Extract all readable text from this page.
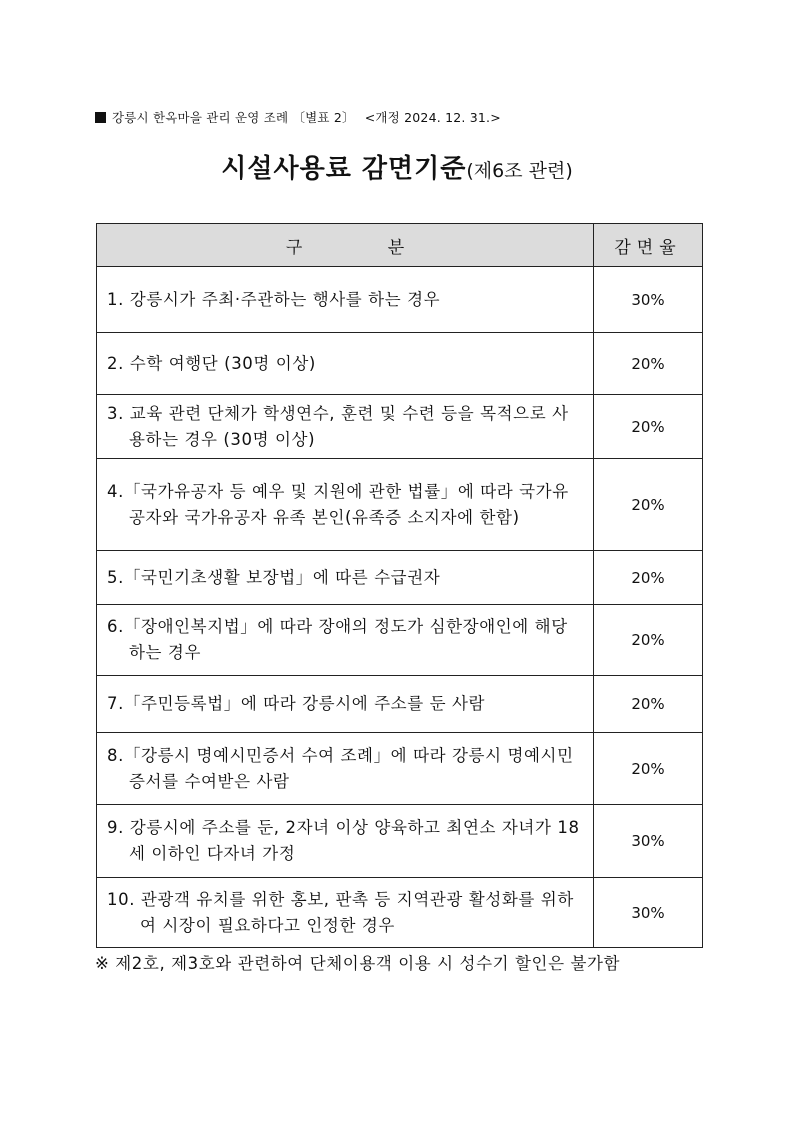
강릉시 한옥마을 관리 운영 조례 〔별표 2〕 <개정 2024. 12. 31.>
시설사용료 감면기준(제6조 관련)
구 분	감면율

1. 강릉시가 주최·주관하는 행사를 하는 경우	30%

2. 수학 여행단 (30명 이상)	20%

3. 교육 관련 단체가 학생연수, 훈련 및 수련 등을 목적으로 사용하는 경우 (30명 이상)	20%

4.「국가유공자 등 예우 및 지원에 관한 법률」에 따라 국가유공자와 국가유공자 유족 본인(유족증 소지자에 한함)	20%

5.「국민기초생활 보장법」에 따른 수급권자	20%

6.「장애인복지법」에 따라 장애의 정도가 심한장애인에 해당하는 경우	20%

7.「주민등록법」에 따라 강릉시에 주소를 둔 사람	20%

8.「강릉시 명예시민증서 수여 조례」에 따라 강릉시 명예시민증서를 수여받은 사람	20%

9. 강릉시에 주소를 둔, 2자녀 이상 양육하고 최연소 자녀가 18세 이하인 다자녀 가정	30%

10. 관광객 유치를 위한 홍보, 판촉 등 지역관광 활성화를 위하여 시장이 필요하다고 인정한 경우	30%
※ 제2호, 제3호와 관련하여 단체이용객 이용 시 성수기 할인은 불가함
